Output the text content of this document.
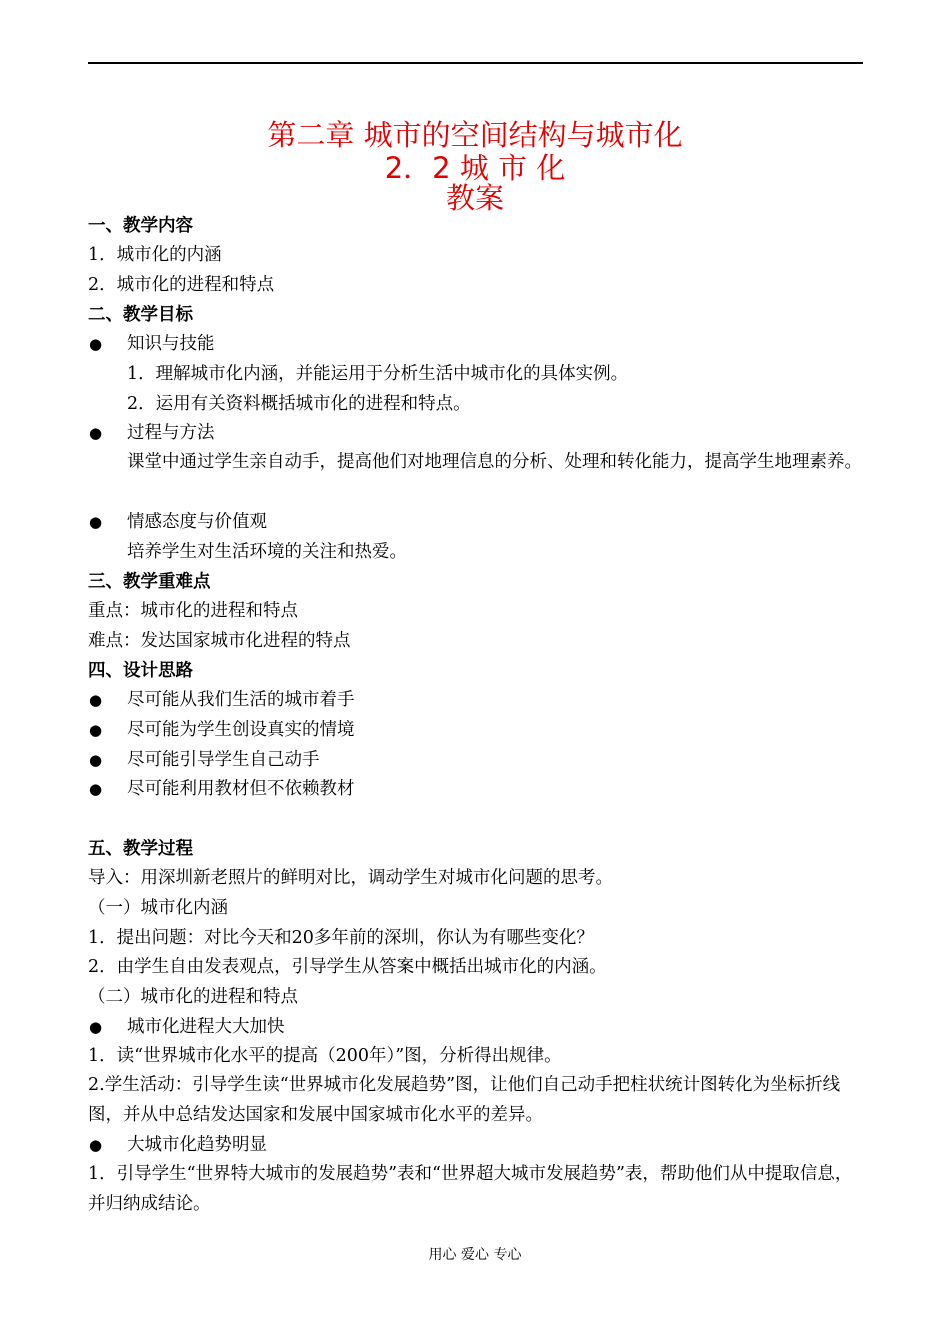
第二章 城市的空间结构与城市化
2．2 城 市 化
教案
一、教学内容
1．城市化的内涵
2．城市化的进程和特点
二、教学目标
● 知识与技能
1．理解城市化内涵，并能运用于分析生活中城市化的具体实例。
2．运用有关资料概括城市化的进程和特点。
● 过程与方法
课堂中通过学生亲自动手，提高他们对地理信息的分析、处理和转化能力，提高学生地理素养。
● 情感态度与价值观
培养学生对生活环境的关注和热爱。
三、教学重难点
重点：城市化的进程和特点
难点：发达国家城市化进程的特点
四、设计思路
● 尽可能从我们生活的城市着手
● 尽可能为学生创设真实的情境
● 尽可能引导学生自己动手
● 尽可能利用教材但不依赖教材
五、教学过程
导入：用深圳新老照片的鲜明对比，调动学生对城市化问题的思考。
（一）城市化内涵
1．提出问题：对比今天和20多年前的深圳，你认为有哪些变化？
2．由学生自由发表观点，引导学生从答案中概括出城市化的内涵。
（二）城市化的进程和特点
● 城市化进程大大加快
1．读“世界城市化水平的提高（200年）”图，分析得出规律。
2.学生活动：引导学生读“世界城市化发展趋势”图，让他们自己动手把柱状统计图转化为坐标折线图，并从中总结发达国家和发展中国家城市化水平的差异。
● 大城市化趋势明显
1．引导学生“世界特大城市的发展趋势”表和“世界超大城市发展趋势”表，帮助他们从中提取信息，并归纳成结论。
用心 爱心 专心
